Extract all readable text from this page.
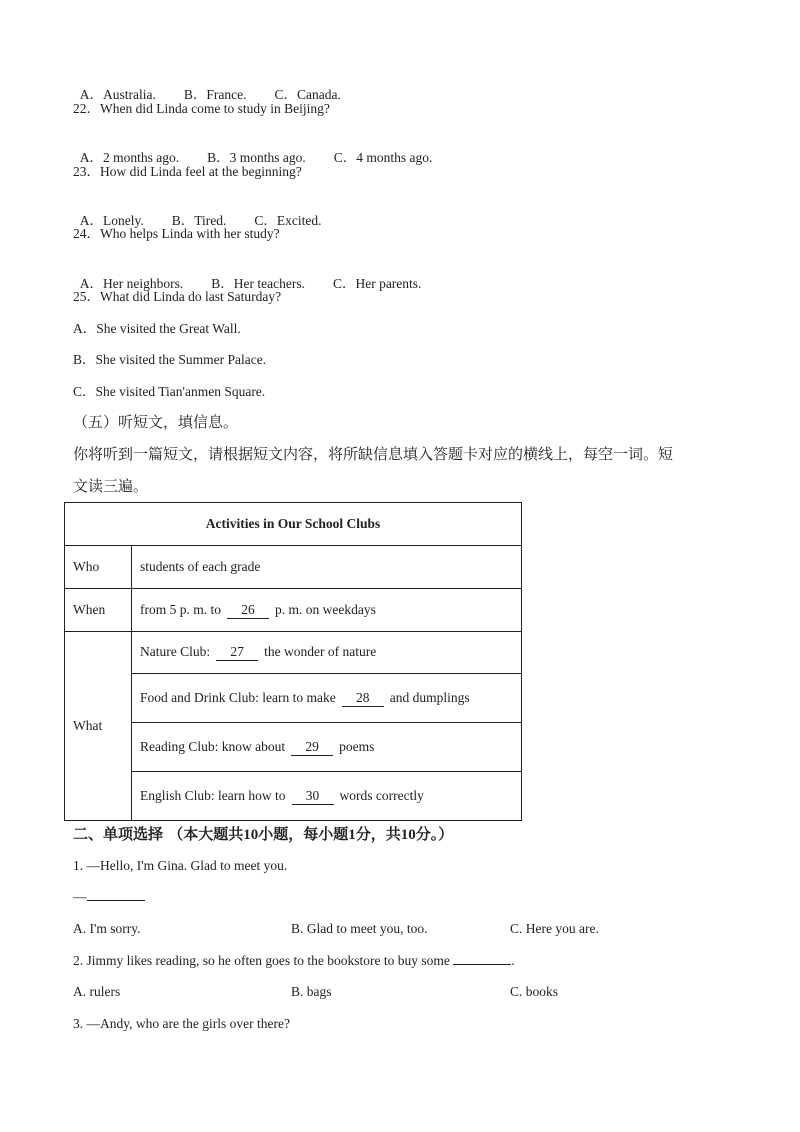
A．Australia. B．France. C．Canada.

22．When did Linda come to study in Beijing?

A．2 months ago. B．3 months ago. C．4 months ago.

23．How did Linda feel at the beginning?

A．Lonely. B．Tired. C．Excited.

24．Who helps Linda with her study?

A．Her neighbors. B．Her teachers. C．Her parents.

25．What did Linda do last Saturday?
A．She visited the Great Wall.
B．She visited the Summer Palace.
C．She visited Tian'anmen Square.
（五）听短文，填信息。
你将听到一篇短文，请根据短文内容，将所缺信息填入答题卡对应的横线上，每空一词。短
文读三遍。
Activities in Our School Clubs	
Who	students of each grade
When	from 5 p. m. to 26 p. m. on weekdays
What	Nature Club: 27 the wonder of nature
	Food and Drink Club: learn to make 28 and dumplings
	Reading Club: know about 29 poems
	English Club: learn how to 30 words correctly
二、单项选择 （本大题共10小题，每小题1分，共10分。）
1. —Hello, I'm Gina. Glad to meet you.
—
A. I'm sorry.	B. Glad to meet you, too.	C. Here you are.
2. Jimmy likes reading, so he often goes to the bookstore to buy some	.
A. rulers	B. bags	C. books
3. —Andy, who are the girls over there?
